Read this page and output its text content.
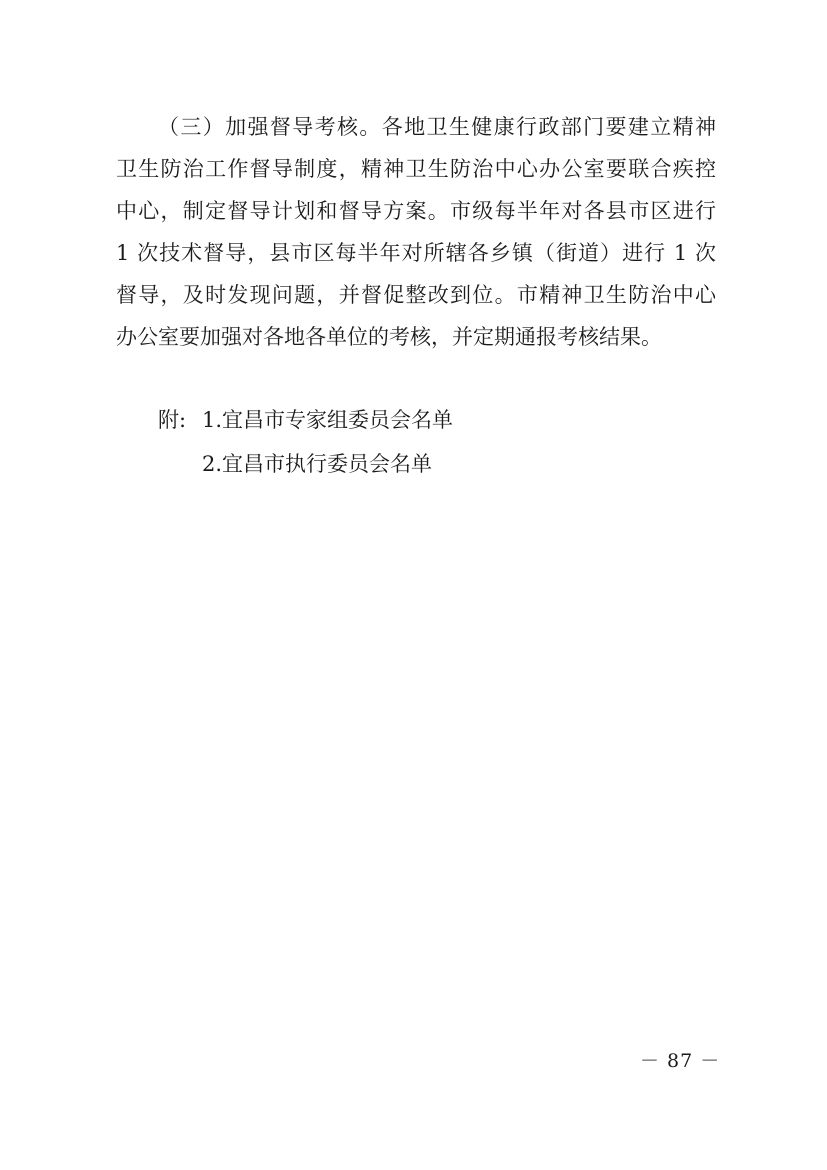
（三）加强督导考核。各地卫生健康行政部门要建立精神
卫生防治工作督导制度，精神卫生防治中心办公室要联合疾控
中心，制定督导计划和督导方案。市级每半年对各县市区进行
1 次技术督导，县市区每半年对所辖各乡镇（街道）进行 1 次
督导，及时发现问题，并督促整改到位。市精神卫生防治中心
办公室要加强对各地各单位的考核，并定期通报考核结果。
附: 1.宜昌市专家组委员会名单
2.宜昌市执行委员会名单
－ 87 －
